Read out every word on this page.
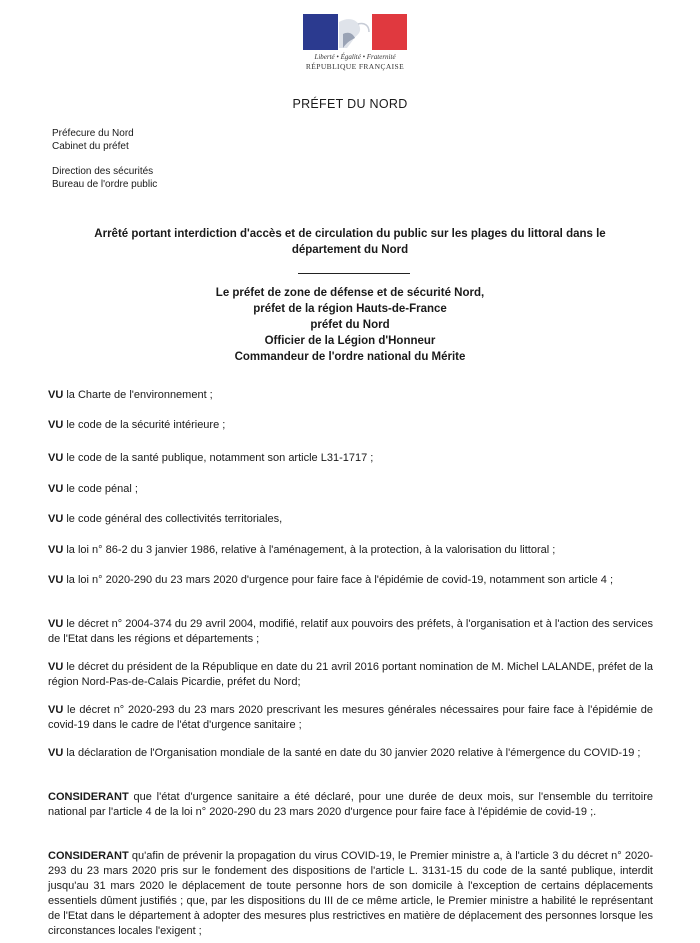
Liberté • Égalité • Fraternité
RÉPUBLIQUE FRANÇAISE
PRÉFET DU NORD
Préfecure du Nord
Cabinet du préfet
Direction des sécurités
Bureau de l'ordre public
Arrêté portant interdiction d'accès et de circulation du public sur les plages du littoral dans le département du Nord
Le préfet de zone de défense et de sécurité Nord,
préfet de la région Hauts-de-France
préfet du Nord
Officier de la Légion d'Honneur
Commandeur de l'ordre national du Mérite
VU la Charte de l'environnement ;
VU le code de la sécurité intérieure ;
VU le code de la santé publique, notamment son article L31-1717 ;
VU le code pénal ;
VU le code général des collectivités territoriales,
VU la loi n° 86-2 du 3 janvier 1986, relative à l'aménagement, à la protection, à la valorisation du littoral ;
VU la loi n° 2020-290 du 23 mars 2020 d'urgence pour faire face à l'épidémie de covid-19, notamment son article 4 ;
VU le décret n° 2004-374 du 29 avril 2004, modifié, relatif aux pouvoirs des préfets, à l'organisation et à l'action des services de l'Etat dans les régions et départements ;
VU le décret du président de la République en date du 21 avril 2016 portant nomination de M. Michel LALANDE, préfet de la région Nord-Pas-de-Calais Picardie, préfet du Nord;
VU le décret n° 2020-293 du 23 mars 2020 prescrivant les mesures générales nécessaires pour faire face à l'épidémie de covid-19 dans le cadre de l'état d'urgence sanitaire ;
VU la déclaration de l'Organisation mondiale de la santé en date du 30 janvier 2020 relative à l'émergence du COVID-19 ;
CONSIDERANT que l'état d'urgence sanitaire a été déclaré, pour une durée de deux mois, sur l'ensemble du territoire national par l'article 4 de la loi n° 2020-290 du 23 mars 2020 d'urgence pour faire face à l'épidémie de covid-19 ;.
CONSIDERANT qu'afin de prévenir la propagation du virus COVID-19, le Premier ministre a, à l'article 3 du décret n° 2020-293 du 23 mars 2020 pris sur le fondement des dispositions de l'article L. 3131-15 du code de la santé publique, interdit jusqu'au 31 mars 2020 le déplacement de toute personne hors de son domicile à l'exception de certains déplacements essentiels dûment justifiés ; que, par les dispositions du III de ce même article, le Premier ministre a habilité le représentant de l'Etat dans le département à adopter des mesures plus restrictives en matière de déplacement des personnes lorsque les circonstances locales l'exigent ;
